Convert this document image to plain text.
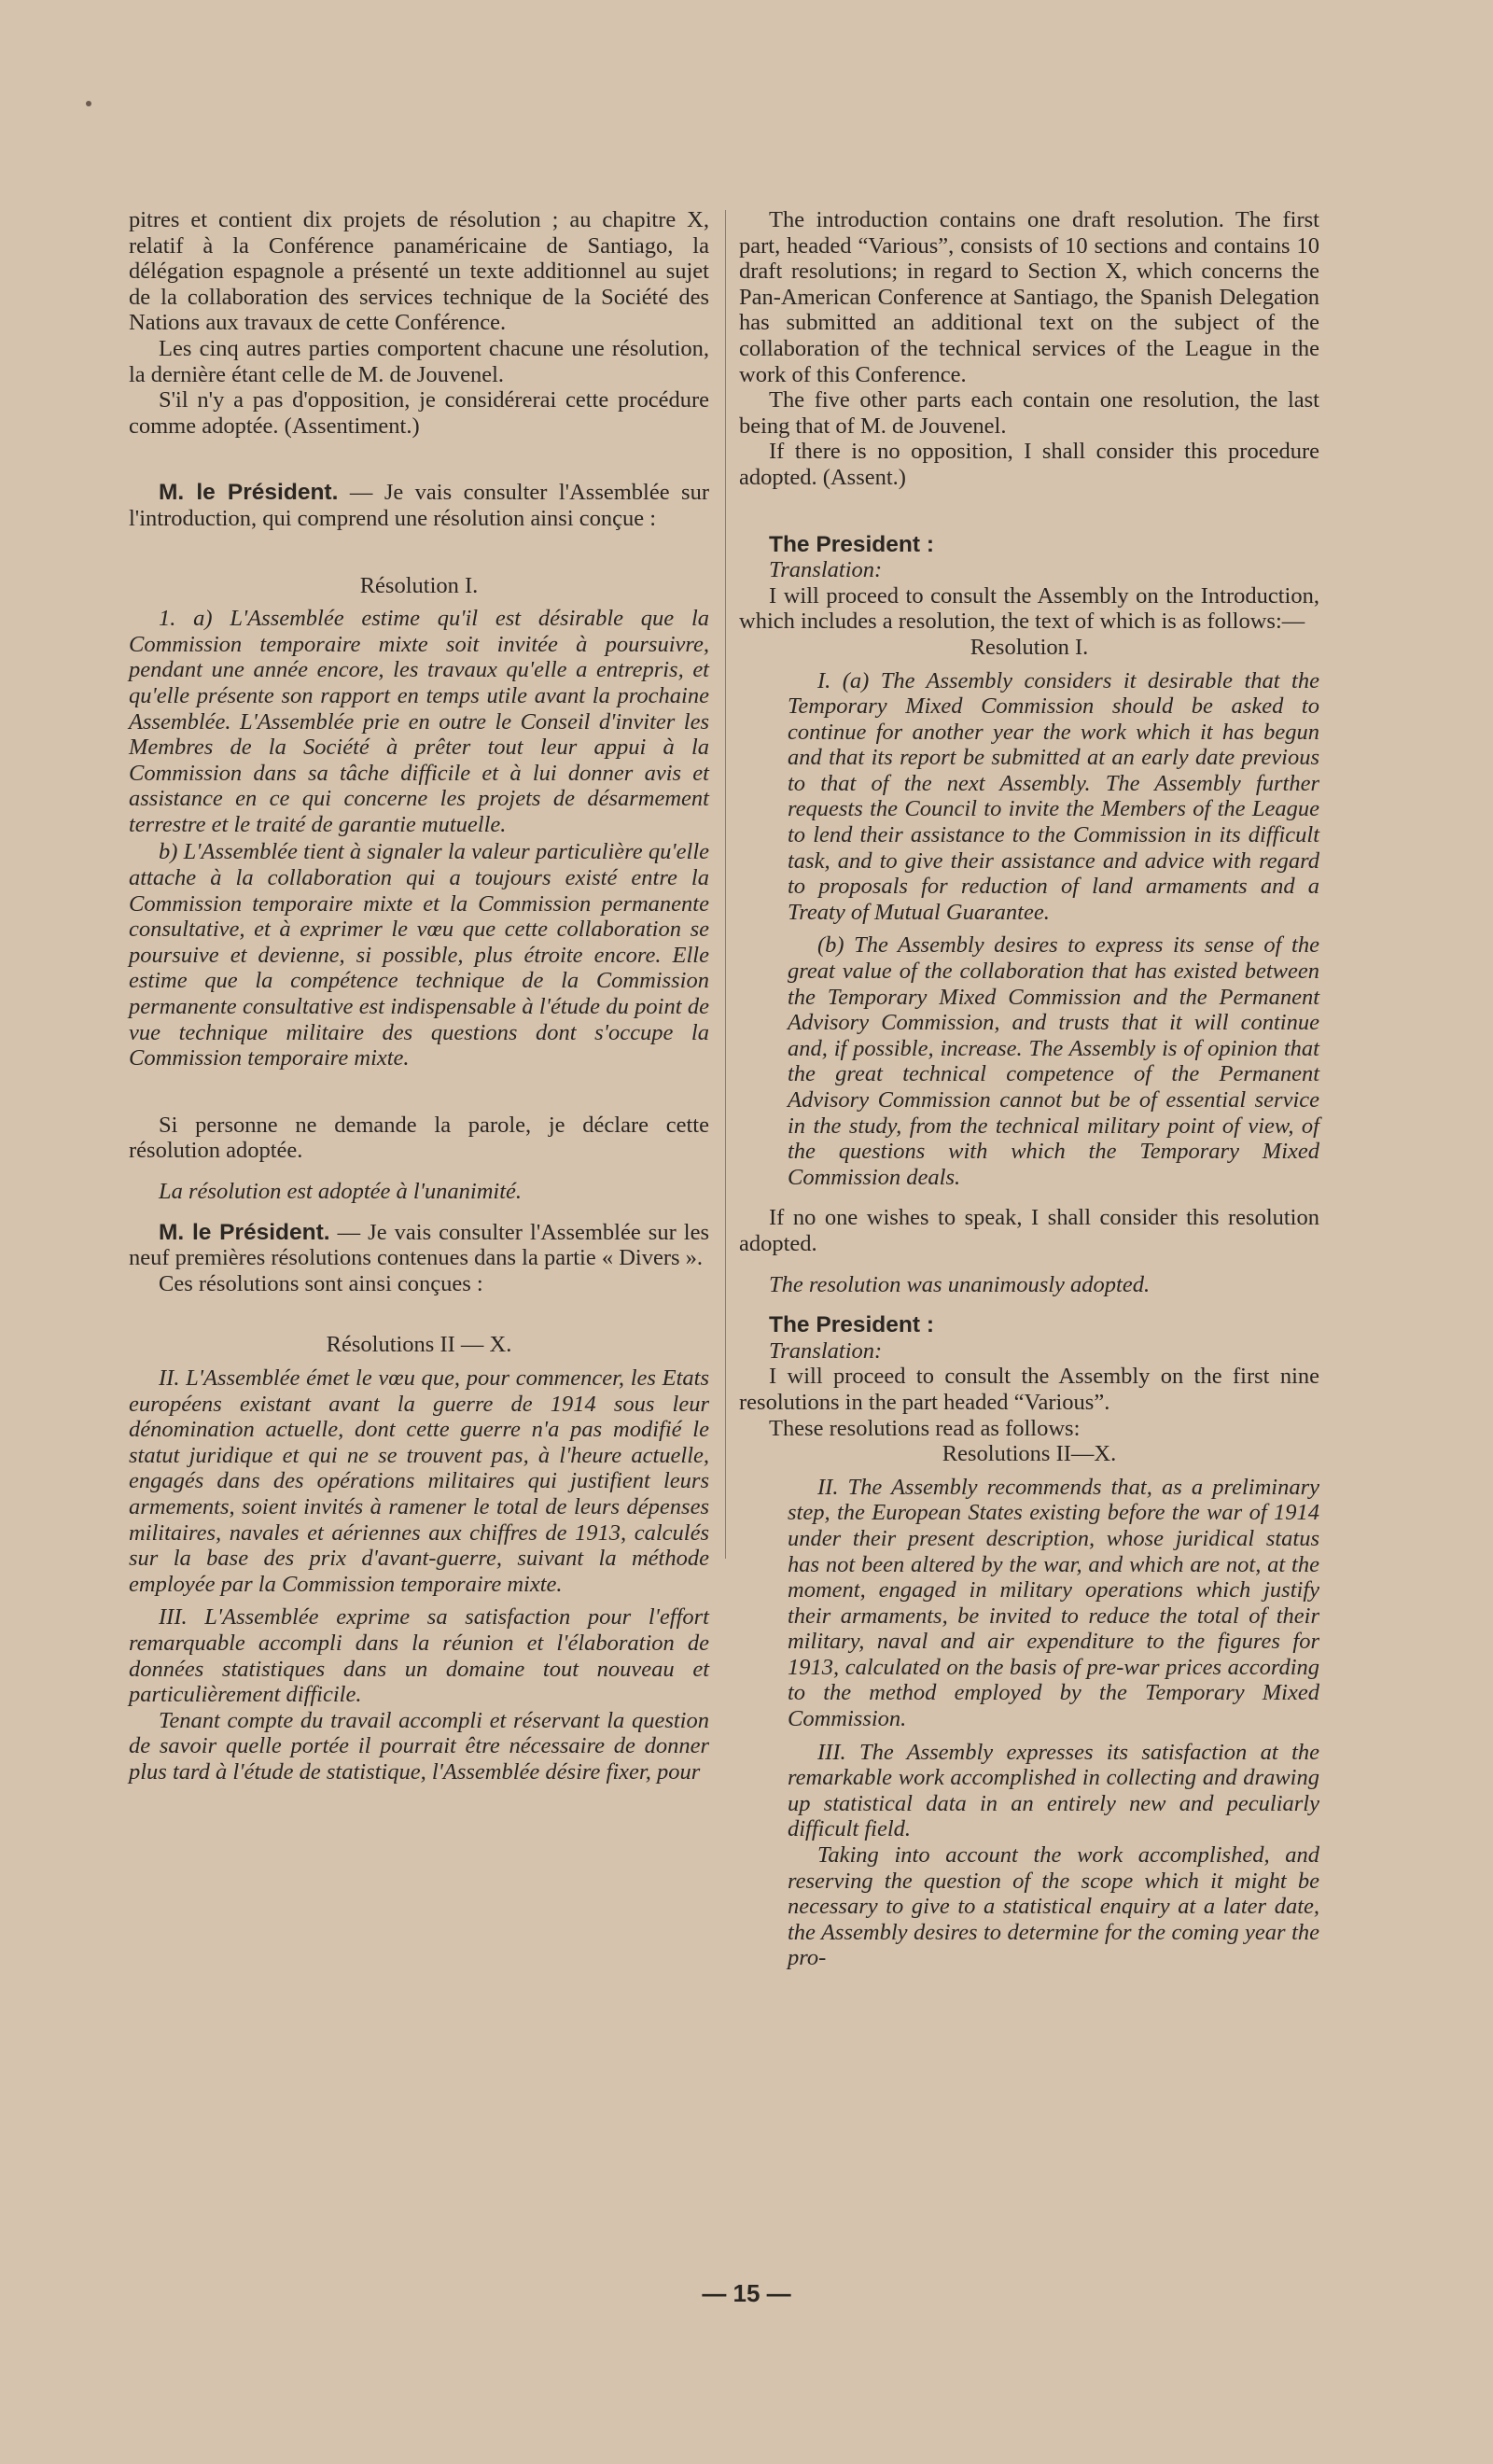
pitres et contient dix projets de résolution ; au chapitre X, relatif à la Conférence panaméricaine de Santiago, la délégation espagnole a présenté un texte additionnel au sujet de la collaboration des services technique de la Société des Nations aux travaux de cette Conférence.

Les cinq autres parties comportent chacune une résolution, la dernière étant celle de M. de Jouvenel.

S'il n'y a pas d'opposition, je considérerai cette procédure comme adoptée. (Assentiment.)

M. le Président. — Je vais consulter l'Assemblée sur l'introduction, qui comprend une résolution ainsi conçue :

Résolution I.

1. a) L'Assemblée estime qu'il est désirable que la Commission temporaire mixte soit invitée à poursuivre, pendant une année encore, les travaux qu'elle a entrepris, et qu'elle présente son rapport en temps utile avant la prochaine Assemblée. L'Assemblée prie en outre le Conseil d'inviter les Membres de la Société à prêter tout leur appui à la Commission dans sa tâche difficile et à lui donner avis et assistance en ce qui concerne les projets de désarmement terrestre et le traité de garantie mutuelle.

b) L'Assemblée tient à signaler la valeur particulière qu'elle attache à la collaboration qui a toujours existé entre la Commission temporaire mixte et la Commission permanente consultative, et à exprimer le vœu que cette collaboration se poursuive et devienne, si possible, plus étroite encore. Elle estime que la compétence technique de la Commission permanente consultative est indispensable à l'étude du point de vue technique militaire des questions dont s'occupe la Commission temporaire mixte.

Si personne ne demande la parole, je déclare cette résolution adoptée.

La résolution est adoptée à l'unanimité.

M. le Président. — Je vais consulter l'Assemblée sur les neuf premières résolutions contenues dans la partie « Divers ».

Ces résolutions sont ainsi conçues :

Résolutions II — X.

II. L'Assemblée émet le vœu que, pour commencer, les Etats européens existant avant la guerre de 1914 sous leur dénomination actuelle, dont cette guerre n'a pas modifié le statut juridique et qui ne se trouvent pas, à l'heure actuelle, engagés dans des opérations militaires qui justifient leurs armements, soient invités à ramener le total de leurs dépenses militaires, navales et aériennes aux chiffres de 1913, calculés sur la base des prix d'avant-guerre, suivant la méthode employée par la Commission temporaire mixte.

III. L'Assemblée exprime sa satisfaction pour l'effort remarquable accompli dans la réunion et l'élaboration de données statistiques dans un domaine tout nouveau et particulièrement difficile.

Tenant compte du travail accompli et réservant la question de savoir quelle portée il pourrait être nécessaire de donner plus tard à l'étude de statistique, l'Assemblée désire fixer, pour

The introduction contains one draft resolution. The first part, headed “Various”, consists of 10 sections and contains 10 draft resolutions; in regard to Section X, which concerns the Pan-American Conference at Santiago, the Spanish Delegation has submitted an additional text on the subject of the collaboration of the technical services of the League in the work of this Conference.

The five other parts each contain one resolution, the last being that of M. de Jouvenel.

If there is no opposition, I shall consider this procedure adopted. (Assent.)

The President :

Translation:

I will proceed to consult the Assembly on the Introduction, which includes a resolution, the text of which is as follows:—

Resolution I.

I. (a) The Assembly considers it desirable that the Temporary Mixed Commission should be asked to continue for another year the work which it has begun and that its report be submitted at an early date previous to that of the next Assembly. The Assembly further requests the Council to invite the Members of the League to lend their assistance to the Commission in its difficult task, and to give their assistance and advice with regard to proposals for reduction of land armaments and a Treaty of Mutual Guarantee.

(b) The Assembly desires to express its sense of the great value of the collaboration that has existed between the Temporary Mixed Commission and the Permanent Advisory Commission, and trusts that it will continue and, if possible, increase. The Assembly is of opinion that the great technical competence of the Permanent Advisory Commission cannot but be of essential service in the study, from the technical military point of view, of the questions with which the Temporary Mixed Commission deals.

If no one wishes to speak, I shall consider this resolution adopted.

The resolution was unanimously adopted.

The President :

Translation:

I will proceed to consult the Assembly on the first nine resolutions in the part headed “Various”.

These resolutions read as follows:

Resolutions II—X.

II. The Assembly recommends that, as a preliminary step, the European States existing before the war of 1914 under their present description, whose juridical status has not been altered by the war, and which are not, at the moment, engaged in military operations which justify their armaments, be invited to reduce the total of their military, naval and air expenditure to the figures for 1913, calculated on the basis of pre-war prices according to the method employed by the Temporary Mixed Commission.

III. The Assembly expresses its satisfaction at the remarkable work accomplished in collecting and drawing up statistical data in an entirely new and peculiarly difficult field.

Taking into account the work accomplished, and reserving the question of the scope which it might be necessary to give to a statistical enquiry at a later date, the Assembly desires to determine for the coming year the pro-

— 15 —
